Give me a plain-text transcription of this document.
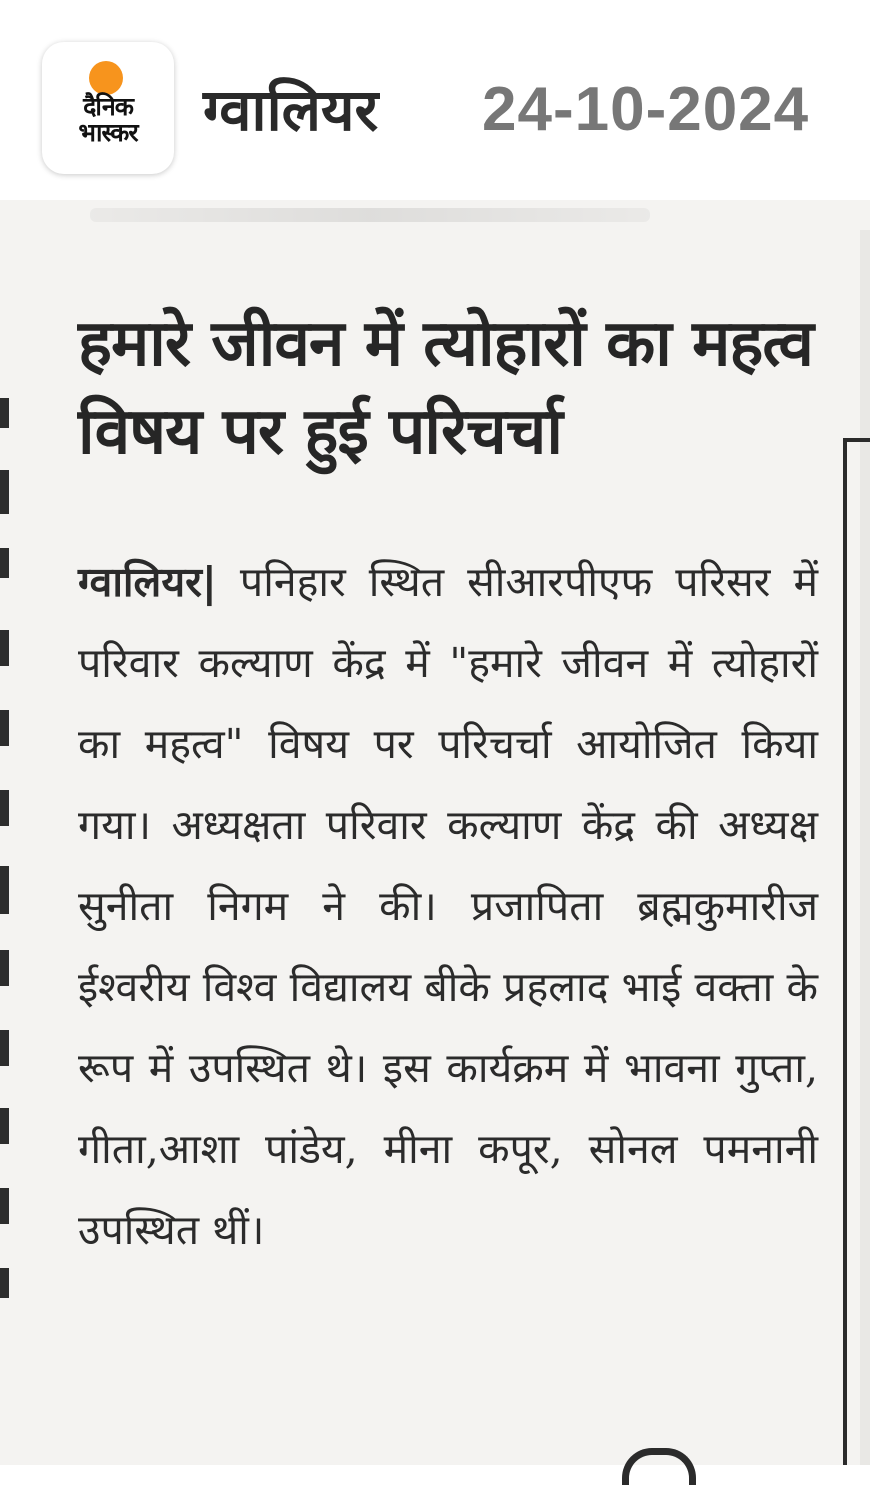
दैनिक भास्कर	ग्वालियर 24-10-2024
हमारे जीवन में त्योहारों का महत्व विषय पर हुई परिचर्चा
ग्वालियर| पनिहार स्थित सीआरपीएफ परिसर में परिवार कल्याण केंद्र में "हमारे जीवन में त्योहारों का महत्व" विषय पर परिचर्चा आयोजित किया गया। अध्यक्षता परिवार कल्याण केंद्र की अध्यक्ष सुनीता निगम ने की। प्रजापिता ब्रह्मकुमारीज ईश्वरीय विश्व विद्यालय बीके प्रहलाद भाई वक्ता के रूप में उपस्थित थे। इस कार्यक्रम में भावना गुप्ता, गीता,आशा पांडेय, मीना कपूर, सोनल पमनानी उपस्थित थीं।
